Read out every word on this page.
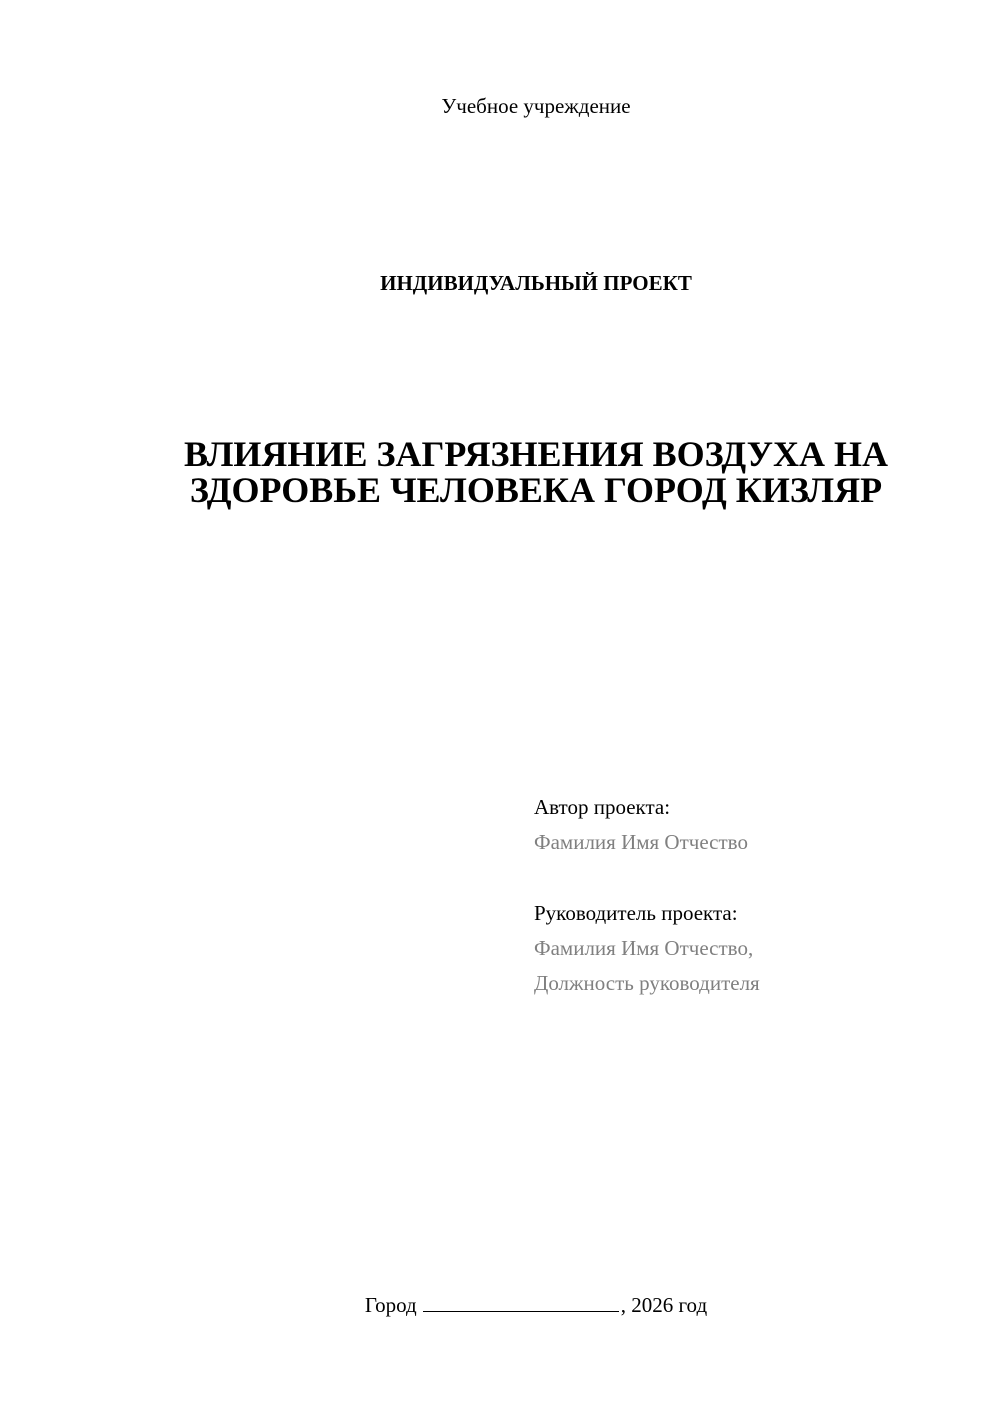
Учебное учреждение
ИНДИВИДУАЛЬНЫЙ ПРОЕКТ
ВЛИЯНИЕ ЗАГРЯЗНЕНИЯ ВОЗДУХА НА
ЗДОРОВЬЕ ЧЕЛОВЕКА ГОРОД КИЗЛЯР
Автор проекта:
Фамилия Имя Отчество
Руководитель проекта:
Фамилия Имя Отчество,
Должность руководителя
Город	, 2026 год
